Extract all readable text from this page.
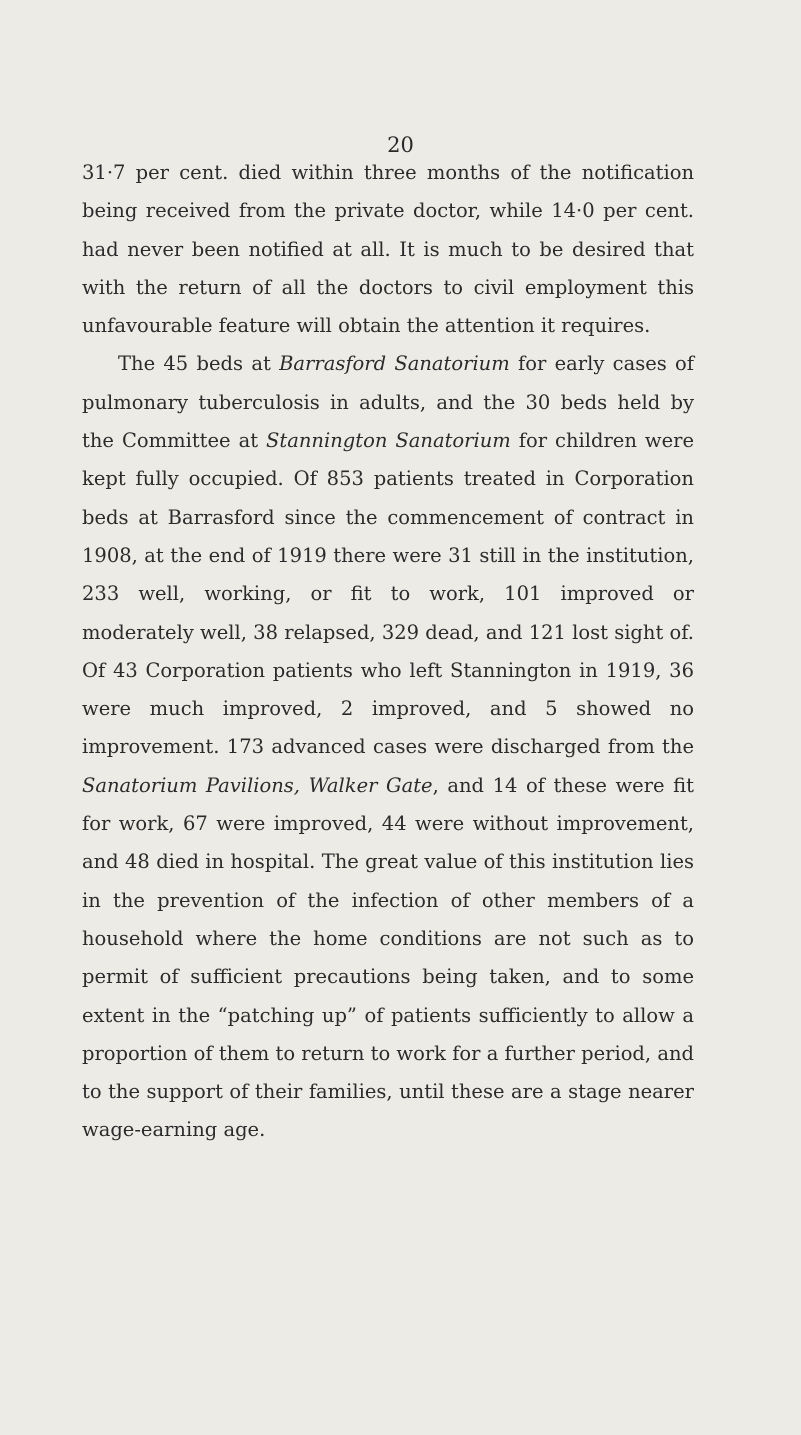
20

31·7 per cent. died within three months of the notification being received from the private doctor, while 14·0 per cent. had never been notified at all. It is much to be desired that with the return of all the doctors to civil employment this unfavourable feature will obtain the attention it requires.

The 45 beds at Barrasford Sanatorium for early cases of pulmonary tuberculosis in adults, and the 30 beds held by the Committee at Stannington Sanatorium for children were kept fully occupied. Of 853 patients treated in Corporation beds at Barrasford since the commencement of contract in 1908, at the end of 1919 there were 31 still in the institution, 233 well, working, or fit to work, 101 improved or moderately well, 38 relapsed, 329 dead, and 121 lost sight of. Of 43 Corporation patients who left Stannington in 1919, 36 were much improved, 2 improved, and 5 showed no improvement. 173 advanced cases were discharged from the Sanatorium Pavilions, Walker Gate, and 14 of these were fit for work, 67 were improved, 44 were without improvement, and 48 died in hospital. The great value of this institution lies in the prevention of the infection of other members of a household where the home conditions are not such as to permit of sufficient precautions being taken, and to some extent in the “patching up” of patients sufficiently to allow a proportion of them to return to work for a further period, and to the support of their families, until these are a stage nearer wage-earning age.
